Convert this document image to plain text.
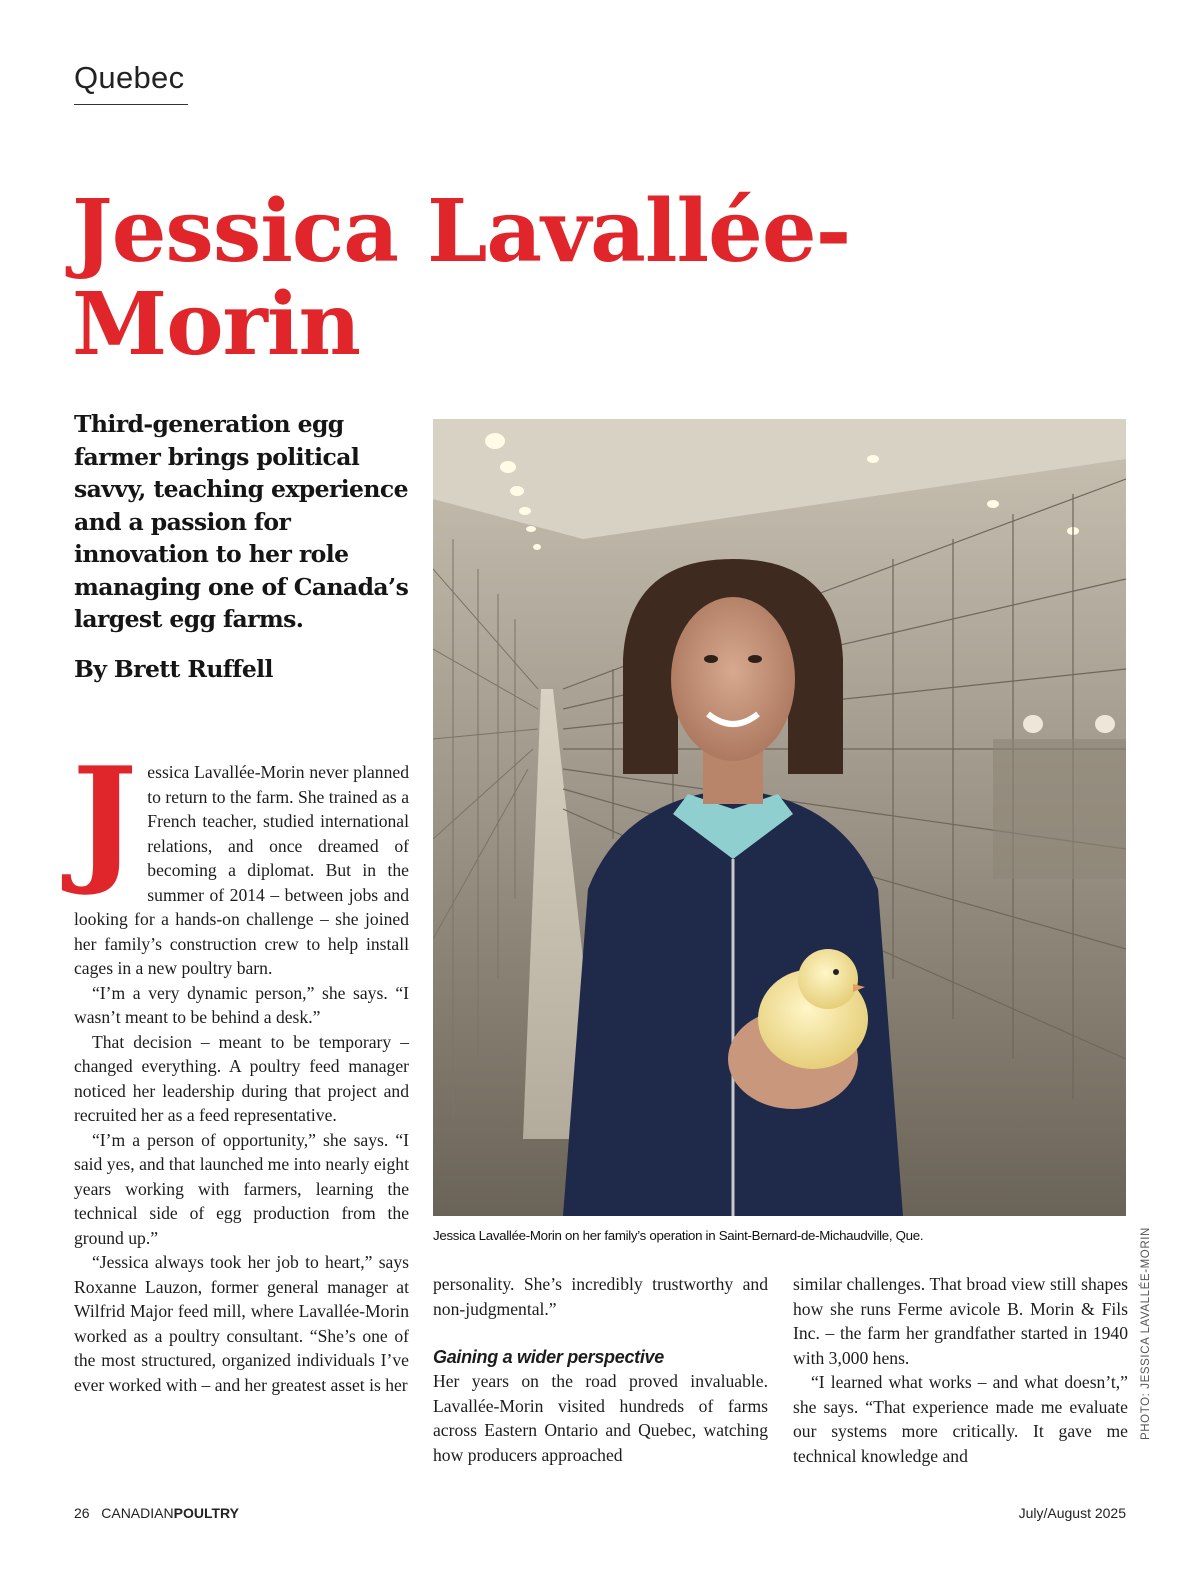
Quebec
Jessica Lavallée-Morin

Third-generation egg farmer brings political savvy, teaching experience and a passion for innovation to her role managing one of Canada’s largest egg farms.

By Brett Ruffell
Jessica Lavallée-Morin on her family’s operation in Saint-Bernard-de-Michaudville, Que.	PHOTO: JESSICA LAVALLÉE-MORIN
J essica Lavallée-Morin never planned to return to the farm. She trained as a French teacher, studied international relations, and once dreamed of becoming a diplomat. But in the summer of 2014 – between jobs and looking for a hands-on challenge – she joined her family’s construction crew to help install cages in a new poultry barn.

“I’m a very dynamic person,” she says. “I wasn’t meant to be behind a desk.”

That decision – meant to be temporary – changed everything. A poultry feed manager noticed her leadership during that project and recruited her as a feed representative.

“I’m a person of opportunity,” she says. “I said yes, and that launched me into nearly eight years working with farmers, learning the technical side of egg production from the ground up.”

“Jessica always took her job to heart,” says Roxanne Lauzon, former general manager at Wilfrid Major feed mill, where Lavallée-Morin worked as a poultry consultant. “She’s one of the most structured, organized individuals I’ve ever worked with – and her greatest asset is her

personality. She’s incredibly trustworthy and non-judgmental.”

Gaining a wider perspective

Her years on the road proved invaluable. Lavallée-Morin visited hundreds of farms across Eastern Ontario and Quebec, watching how producers approached

similar challenges. That broad view still shapes how she runs Ferme avicole B. Morin & Fils Inc. – the farm her grandfather started in 1940 with 3,000 hens.

“I learned what works – and what doesn’t,” she says. “That experience made me evaluate our systems more critically. It gave me technical knowledge and

26 CANADIANPOULTRY	July/August 2025
